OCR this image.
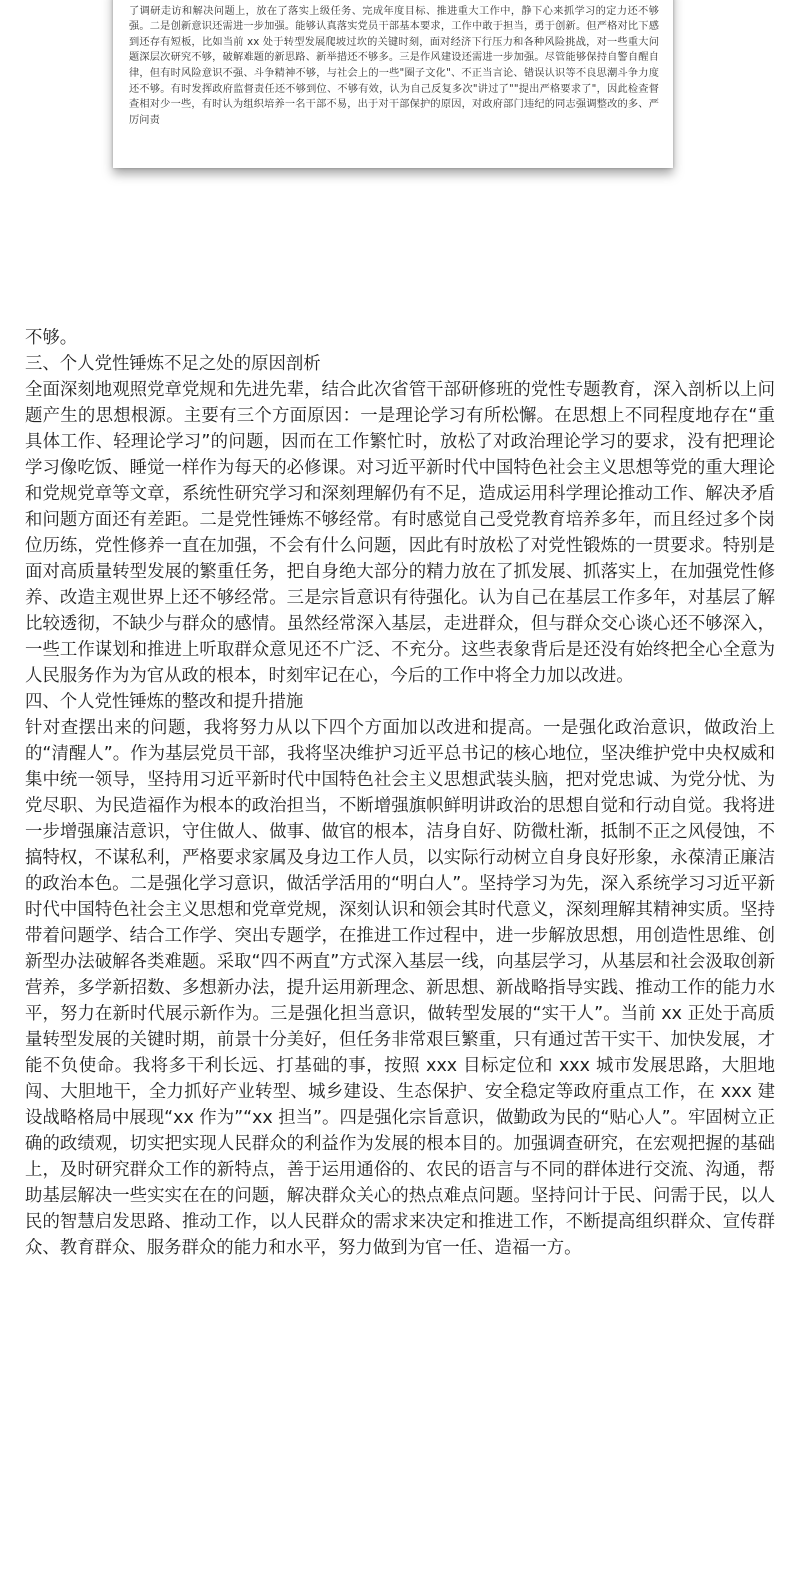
了调研走访和解决问题上，放在了落实上级任务、完成年度目标、推进重大工作中，静下心来抓学习的定力还不够强。二是创新意识还需进一步加强。能够认真落实党员干部基本要求，工作中敢于担当，勇于创新。但严格对比下感到还存有短板，比如当前 xx 处于转型发展爬坡过坎的关键时刻，面对经济下行压力和各种风险挑战，对一些重大问题深层次研究不够，破解难题的新思路、新举措还不够多。三是作风建设还需进一步加强。尽管能够保持自警自醒自律，但有时风险意识不强、斗争精神不够，与社会上的一些"圈子文化"、不正当言论、错误认识等不良思潮斗争力度还不够。有时发挥政府监督责任还不够到位、不够有效，认为自己反复多次"讲过了""提出严格要求了"，因此检查督查相对少一些，有时认为组织培养一名干部不易，出于对干部保护的原因，对政府部门违纪的同志强调整改的多、严厉问责

不够。

三、个人党性锤炼不足之处的原因剖析

全面深刻地观照党章党规和先进先辈，结合此次省管干部研修班的党性专题教育，深入剖析以上问题产生的思想根源。主要有三个方面原因：一是理论学习有所松懈。在思想上不同程度地存在“重具体工作、轻理论学习”的问题，因而在工作繁忙时，放松了对政治理论学习的要求，没有把理论学习像吃饭、睡觉一样作为每天的必修课。对习近平新时代中国特色社会主义思想等党的重大理论和党规党章等文章，系统性研究学习和深刻理解仍有不足，造成运用科学理论推动工作、解决矛盾和问题方面还有差距。二是党性锤炼不够经常。有时感觉自己受党教育培养多年，而且经过多个岗位历练，党性修养一直在加强，不会有什么问题，因此有时放松了对党性锻炼的一贯要求。特别是面对高质量转型发展的繁重任务，把自身绝大部分的精力放在了抓发展、抓落实上，在加强党性修养、改造主观世界上还不够经常。三是宗旨意识有待强化。认为自己在基层工作多年，对基层了解比较透彻，不缺少与群众的感情。虽然经常深入基层，走进群众，但与群众交心谈心还不够深入，一些工作谋划和推进上听取群众意见还不广泛、不充分。这些表象背后是还没有始终把全心全意为人民服务作为为官从政的根本，时刻牢记在心，今后的工作中将全力加以改进。

四、个人党性锤炼的整改和提升措施

针对查摆出来的问题，我将努力从以下四个方面加以改进和提高。一是强化政治意识，做政治上的“清醒人”。作为基层党员干部，我将坚决维护习近平总书记的核心地位，坚决维护党中央权威和集中统一领导，坚持用习近平新时代中国特色社会主义思想武装头脑，把对党忠诚、为党分忧、为党尽职、为民造福作为根本的政治担当，不断增强旗帜鲜明讲政治的思想自觉和行动自觉。我将进一步增强廉洁意识，守住做人、做事、做官的根本，洁身自好、防微杜渐，抵制不正之风侵蚀，不搞特权，不谋私利，严格要求家属及身边工作人员，以实际行动树立自身良好形象，永葆清正廉洁的政治本色。二是强化学习意识，做活学活用的“明白人”。坚持学习为先，深入系统学习习近平新时代中国特色社会主义思想和党章党规，深刻认识和领会其时代意义，深刻理解其精神实质。坚持带着问题学、结合工作学、突出专题学，在推进工作过程中，进一步解放思想，用创造性思维、创新型办法破解各类难题。采取“四不两直”方式深入基层一线，向基层学习，从基层和社会汲取创新营养，多学新招数、多想新办法，提升运用新理念、新思想、新战略指导实践、推动工作的能力水平，努力在新时代展示新作为。三是强化担当意识，做转型发展的“实干人”。当前 xx 正处于高质量转型发展的关键时期，前景十分美好，但任务非常艰巨繁重，只有通过苦干实干、加快发展，才能不负使命。我将多干利长远、打基础的事，按照 xxx 目标定位和 xxx 城市发展思路，大胆地闯、大胆地干，全力抓好产业转型、城乡建设、生态保护、安全稳定等政府重点工作，在 xxx 建设战略格局中展现“xx 作为”“xx 担当”。四是强化宗旨意识，做勤政为民的“贴心人”。牢固树立正确的政绩观，切实把实现人民群众的利益作为发展的根本目的。加强调查研究，在宏观把握的基础上，及时研究群众工作的新特点，善于运用通俗的、农民的语言与不同的群体进行交流、沟通，帮助基层解决一些实实在在的问题，解决群众关心的热点难点问题。坚持问计于民、问需于民，以人民的智慧启发思路、推动工作，以人民群众的需求来决定和推进工作，不断提高组织群众、宣传群众、教育群众、服务群众的能力和水平，努力做到为官一任、造福一方。
